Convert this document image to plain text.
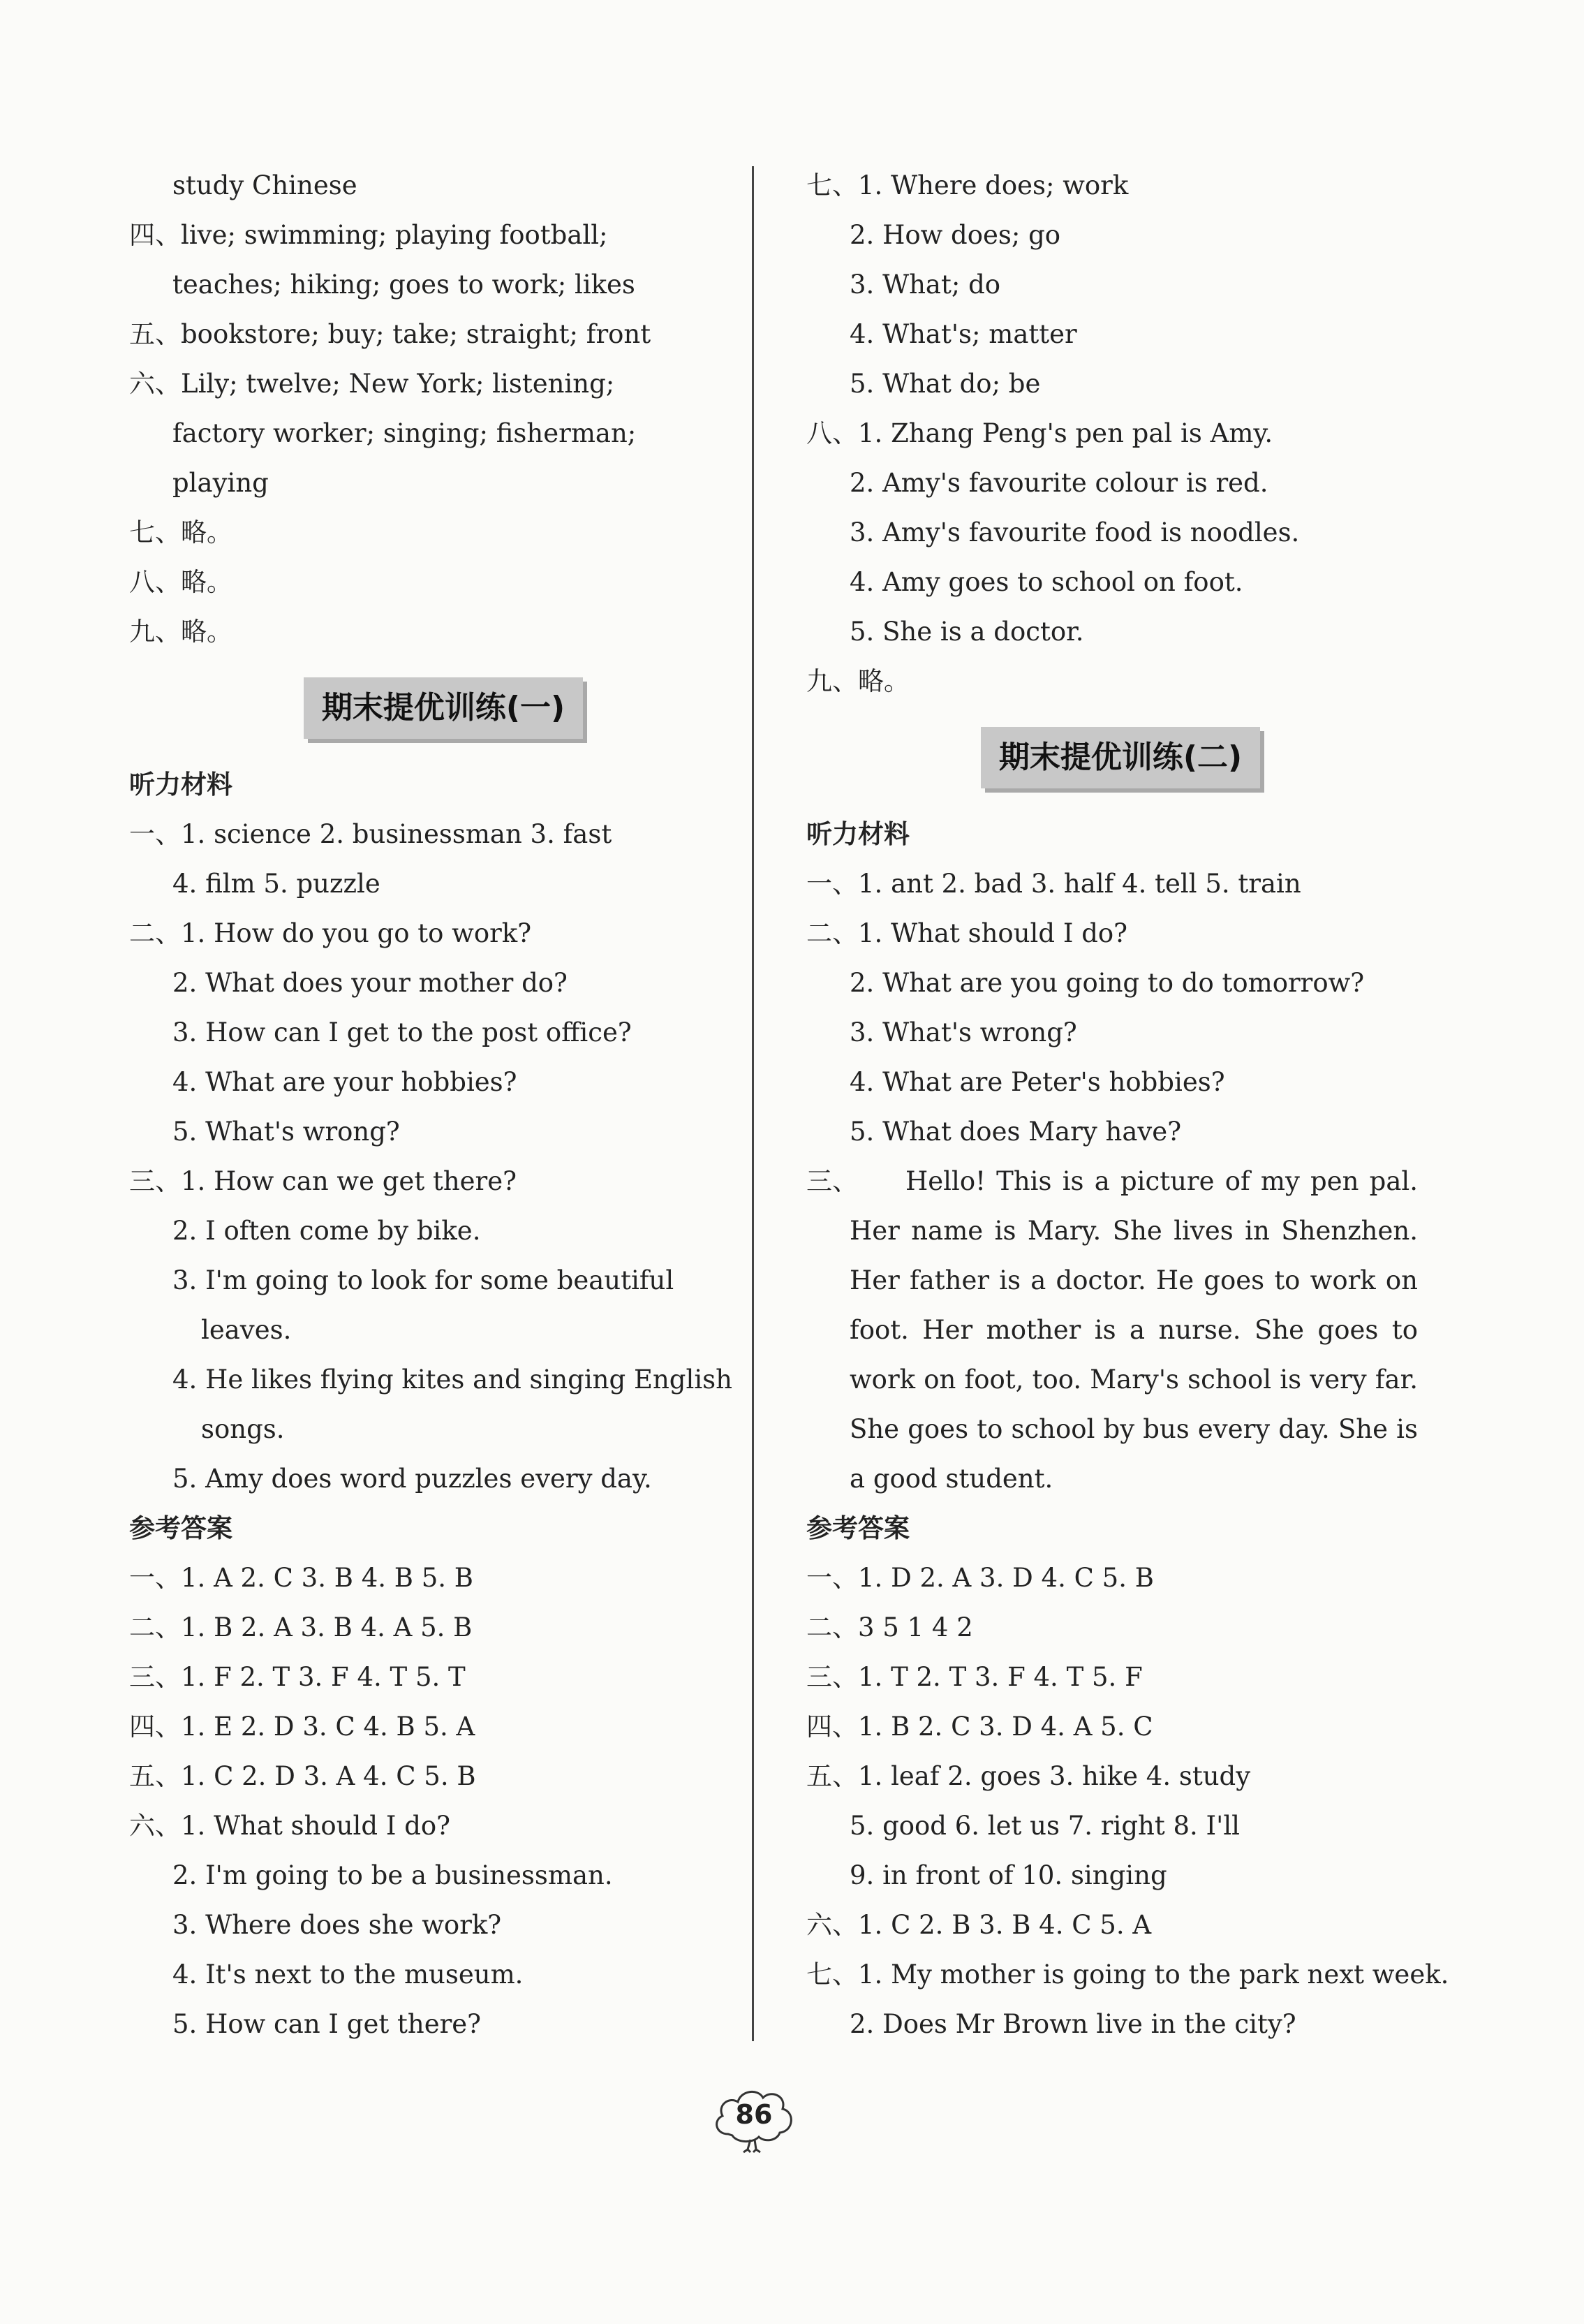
study Chinese
四、live; swimming; playing football;
teaches; hiking; goes to work; likes
五、bookstore; buy; take; straight; front
六、Lily; twelve; New York; listening;
factory worker; singing; fisherman;
playing
七、略。
八、略。
九、略。
期末提优训练(一)
听力材料
一、1. science 2. businessman 3. fast
4. film 5. puzzle
二、1. How do you go to work?
2. What does your mother do?
3. How can I get to the post office?
4. What are your hobbies?
5. What's wrong?
三、1. How can we get there?
2. I often come by bike.
3. I'm going to look for some beautiful
leaves.
4. He likes flying kites and singing English
songs.
5. Amy does word puzzles every day.
参考答案
一、1. A 2. C 3. B 4. B 5. B
二、1. B 2. A 3. B 4. A 5. B
三、1. F 2. T 3. F 4. T 5. T
四、1. E 2. D 3. C 4. B 5. A
五、1. C 2. D 3. A 4. C 5. B
六、1. What should I do?
2. I'm going to be a businessman.
3. Where does she work?
4. It's next to the museum.
5. How can I get there?
七、1. Where does; work
2. How does; go
3. What; do
4. What's; matter
5. What do; be
八、1. Zhang Peng's pen pal is Amy.
2. Amy's favourite colour is red.
3. Amy's favourite food is noodles.
4. Amy goes to school on foot.
5. She is a doctor.
九、略。
期末提优训练(二)
听力材料
一、1. ant 2. bad 3. half 4. tell 5. train
二、1. What should I do?
2. What are you going to do tomorrow?
3. What's wrong?
4. What are Peter's hobbies?
5. What does Mary have?
三、	Hello! This is a picture of my pen pal. Her name is Mary. She lives in Shenzhen. Her father is a doctor. He goes to work on foot. Her mother is a nurse. She goes to work on foot, too. Mary's school is very far. She goes to school by bus every day. She is a good student.
参考答案
一、1. D 2. A 3. D 4. C 5. B
二、3 5 1 4 2
三、1. T 2. T 3. F 4. T 5. F
四、1. B 2. C 3. D 4. A 5. C
五、1. leaf 2. goes 3. hike 4. study
5. good 6. let us 7. right 8. I'll
9. in front of 10. singing
六、1. C 2. B 3. B 4. C 5. A
七、1. My mother is going to the park next week.
2. Does Mr Brown live in the city?
86
